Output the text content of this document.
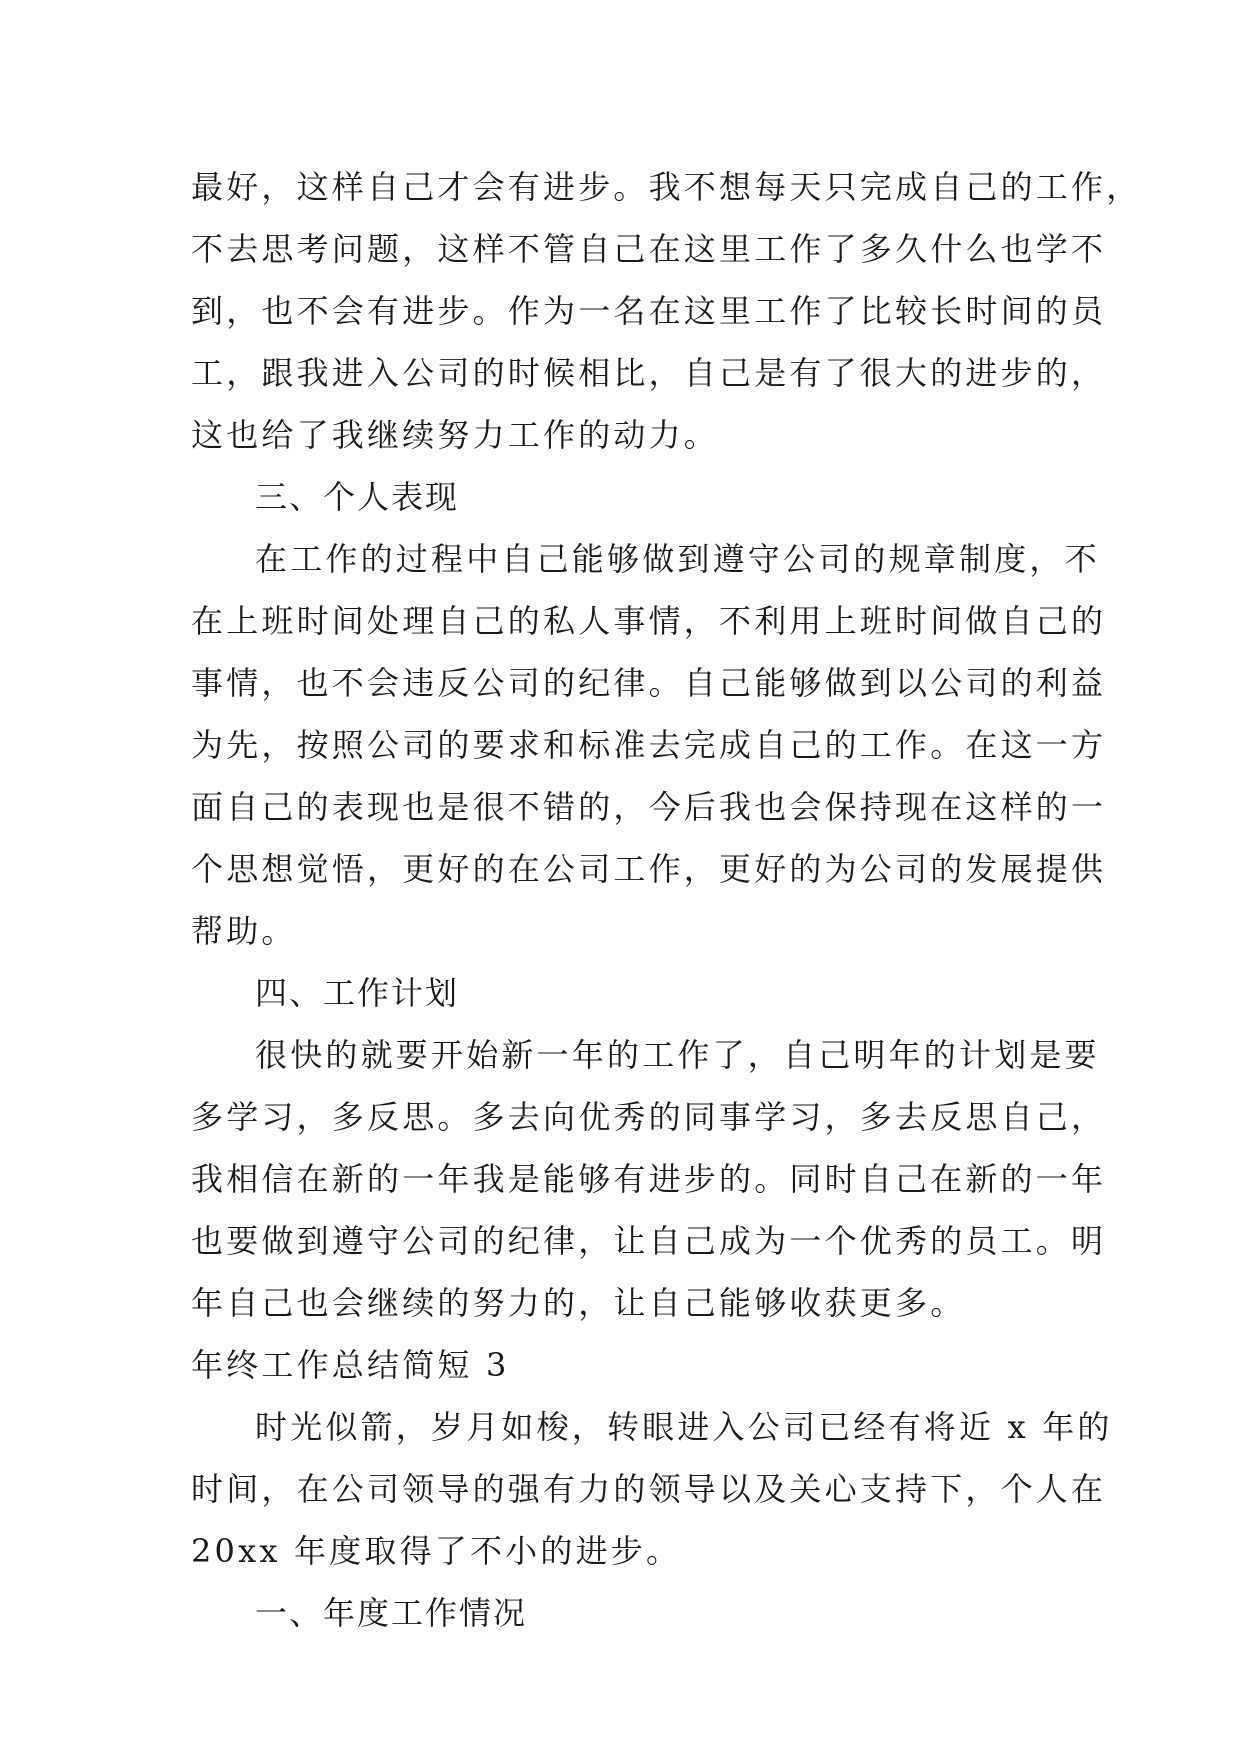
最好，这样自己才会有进步。我不想每天只完成自己的工作，
不去思考问题，这样不管自己在这里工作了多久什么也学不
到，也不会有进步。作为一名在这里工作了比较长时间的员
工，跟我进入公司的时候相比，自己是有了很大的进步的，
这也给了我继续努力工作的动力。
三、个人表现
在工作的过程中自己能够做到遵守公司的规章制度，不
在上班时间处理自己的私人事情，不利用上班时间做自己的
事情，也不会违反公司的纪律。自己能够做到以公司的利益
为先，按照公司的要求和标准去完成自己的工作。在这一方
面自己的表现也是很不错的，今后我也会保持现在这样的一
个思想觉悟，更好的在公司工作，更好的为公司的发展提供
帮助。
四、工作计划
很快的就要开始新一年的工作了，自己明年的计划是要
多学习，多反思。多去向优秀的同事学习，多去反思自己，
我相信在新的一年我是能够有进步的。同时自己在新的一年
也要做到遵守公司的纪律，让自己成为一个优秀的员工。明
年自己也会继续的努力的，让自己能够收获更多。
年终工作总结简短 3
时光似箭，岁月如梭，转眼进入公司已经有将近 x 年的
时间，在公司领导的强有力的领导以及关心支持下，个人在
20xx 年度取得了不小的进步。
一、年度工作情况
